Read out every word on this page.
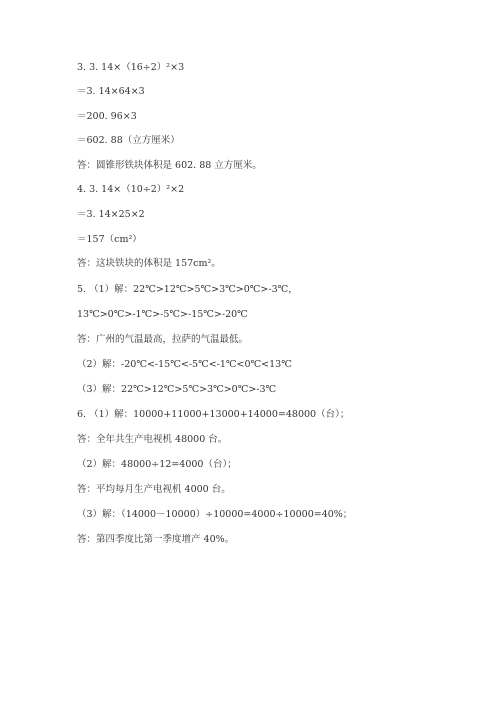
3. 3. 14×（16÷2）²×3
＝3. 14×64×3
＝200. 96×3
＝602. 88（立方厘米）
答：圆锥形铁块体积是 602. 88 立方厘米。
4. 3. 14×（10÷2）²×2
＝3. 14×25×2
＝157（cm²）
答：这块铁块的体积是 157cm²。
5. （1）解：22℃>12℃>5℃>3℃>0℃>-3℃，
13℃>0℃>-1℃>-5℃>-15℃>-20℃
答：广州的气温最高，拉萨的气温最低。
（2）解：-20℃<-15℃<-5℃<-1℃<0℃<13℃
（3）解：22℃>12℃>5℃>3℃>0℃>-3℃
6. （1）解：10000+11000+13000+14000=48000（台）；
答：全年共生产电视机 48000 台。
（2）解：48000÷12=4000（台）；
答：平均每月生产电视机 4000 台。
（3）解：（14000－10000）÷10000=4000÷10000=40%；
答：第四季度比第一季度增产 40%。
